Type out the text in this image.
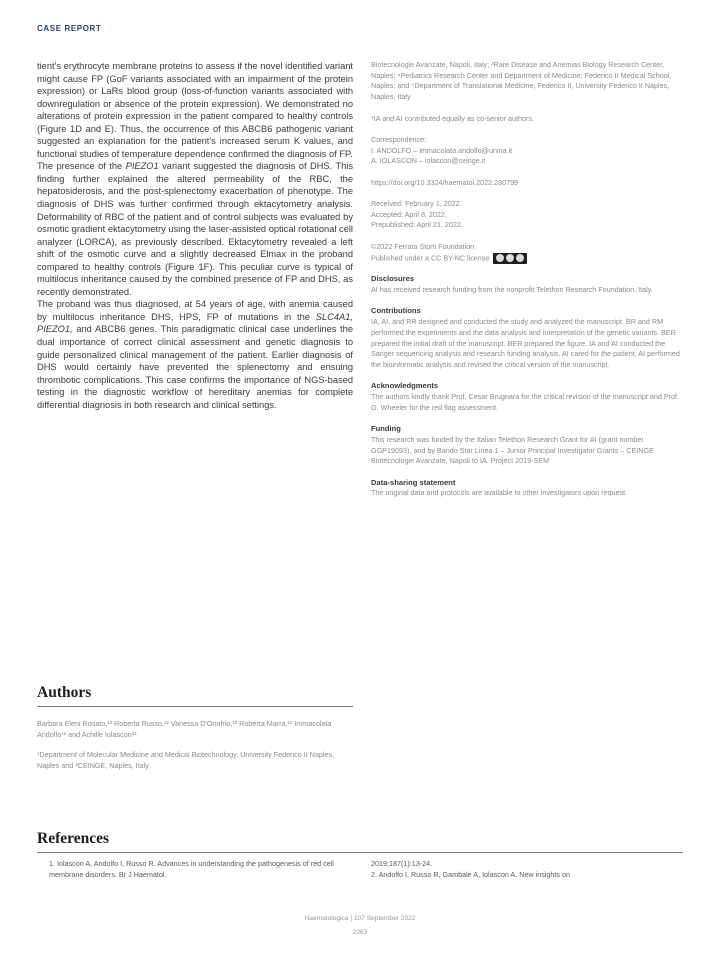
CASE REPORT

tient's erythrocyte membrane proteins to assess if the novel identified variant might cause FP (GoF variants associated with an impairment of the protein expression) or LaRs blood group (loss-of-function variants associated with downregulation or absence of the protein expression). We demonstrated no alterations of protein expression in the patient compared to healthy controls (Figure 1D and E). Thus, the occurrence of this ABCB6 pathogenic variant suggested an explanation for the patient's increased serum K values, and functional studies of temperature dependence confirmed the diagnosis of FP.

The presence of the PIEZO1 variant suggested the diagnosis of DHS. This finding further explained the altered permeability of the RBC, the hepatosiderosis, and the post-splenectomy exacerbation of phenotype. The diagnosis of DHS was further confirmed through ektacytometry analysis. Deformability of RBC of the patient and of control subjects was evaluated by osmotic gradient ektacytometry using the laser-assisted optical rotational cell analyzer (LORCA), as previously described. Ektacytometry revealed a left shift of the osmotic curve and a slightly decreased Elmax in the proband compared to healthy controls (Figure 1F). This peculiar curve is typical of multilocus inheritance caused by the combined presence of FP and DHS, as recently demonstrated.

The proband was thus diagnosed, at 54 years of age, with anemia caused by multilocus inheritance DHS, HPS, FP of mutations in the SLC4A1, PIEZO1, and ABCB6 genes. This paradigmatic clinical case underlines the dual importance of correct clinical assessment and genetic diagnosis to guide personalized clinical management of the patient. Earlier diagnosis of DHS would certainly have prevented the splenectomy and ensuing thrombotic complications. This case confirms the importance of NGS-based testing in the diagnostic workflow of hereditary anemias for complete differential diagnosis in both research and clinical settings.

Biotecnologie Avanzate, Napoli, Italy; ³Rare Disease and Anemias Biology Research Center, Naples; ⁴Pediatrics Research Center and Department of Medicine; Federico II Medical School, Naples; and ⁵Department of Translational Medicine, Federico II, University Federico II Naples, Naples, Italy

*IA and AI contributed equally as co-senior authors.

Correspondence:

I. ANDOLFO – immacolata.andolfo@unina.it

A. IOLASCON – iolascon@ceinge.it

https://doi.org/10.3324/haematol.2022.280799

Received: February 1, 2022.

Accepted: April 8, 2022.

Prepublished: April 21, 2022.

©2022 Ferrata Storti Foundation

Published under a CC BY-NC license

Disclosures

AI has received research funding from the nonprofit Telethon Research Foundation, Italy.

Contributions

IA, AI, and RR designed and conducted the study and analyzed the manuscript. BR and RM performed the experiments and the data analysis and interpretation of the genetic variants. BER prepared the initial draft of the manuscript. BER prepared the figure. IA and AI conducted the Sanger sequencing analysis and research funding analysis. AI cared for the patient. AI performed the bioinformatic analysis and revised the critical version of the manuscript.

Acknowledgments

The authors kindly thank Prof. Cesar Brugnara for the critical revision of the manuscript and Prof. G. Wheeler for the red flag assessment.

Funding

This research was funded by the Italian Telethon Research Grant for AI (grant number GGP19093), and by Bando Star Linea 1 – Junior Principal Investigator Grants – CEINGE Biotecnologie Avanzate, Napoli to IA. Project 2019-SEM

Data-sharing statement

The original data and protocols are available to other investigators upon request.

Authors
Barbara Eleni Rosato,¹² Roberta Russo,¹² Vanessa D'Onofrio,¹² Roberta Marra,¹² Immacolata Andolfo¹² and Achille Iolascon¹²
¹Department of Molecular Medicine and Medical Biotechnology, University Federico II Naples, Naples and ²CEINGE, Naples, Italy
References
1. Iolascon A, Andolfo I, Russo R. Advances in understanding the pathogenesis of red cell membrane disorders. Br J Haematol.
2019;187(1):13-24.
2. Andolfo I, Russo R, Gambale A, Iolascon A. New insights on
Haematologica | 107 September 2022
2263
